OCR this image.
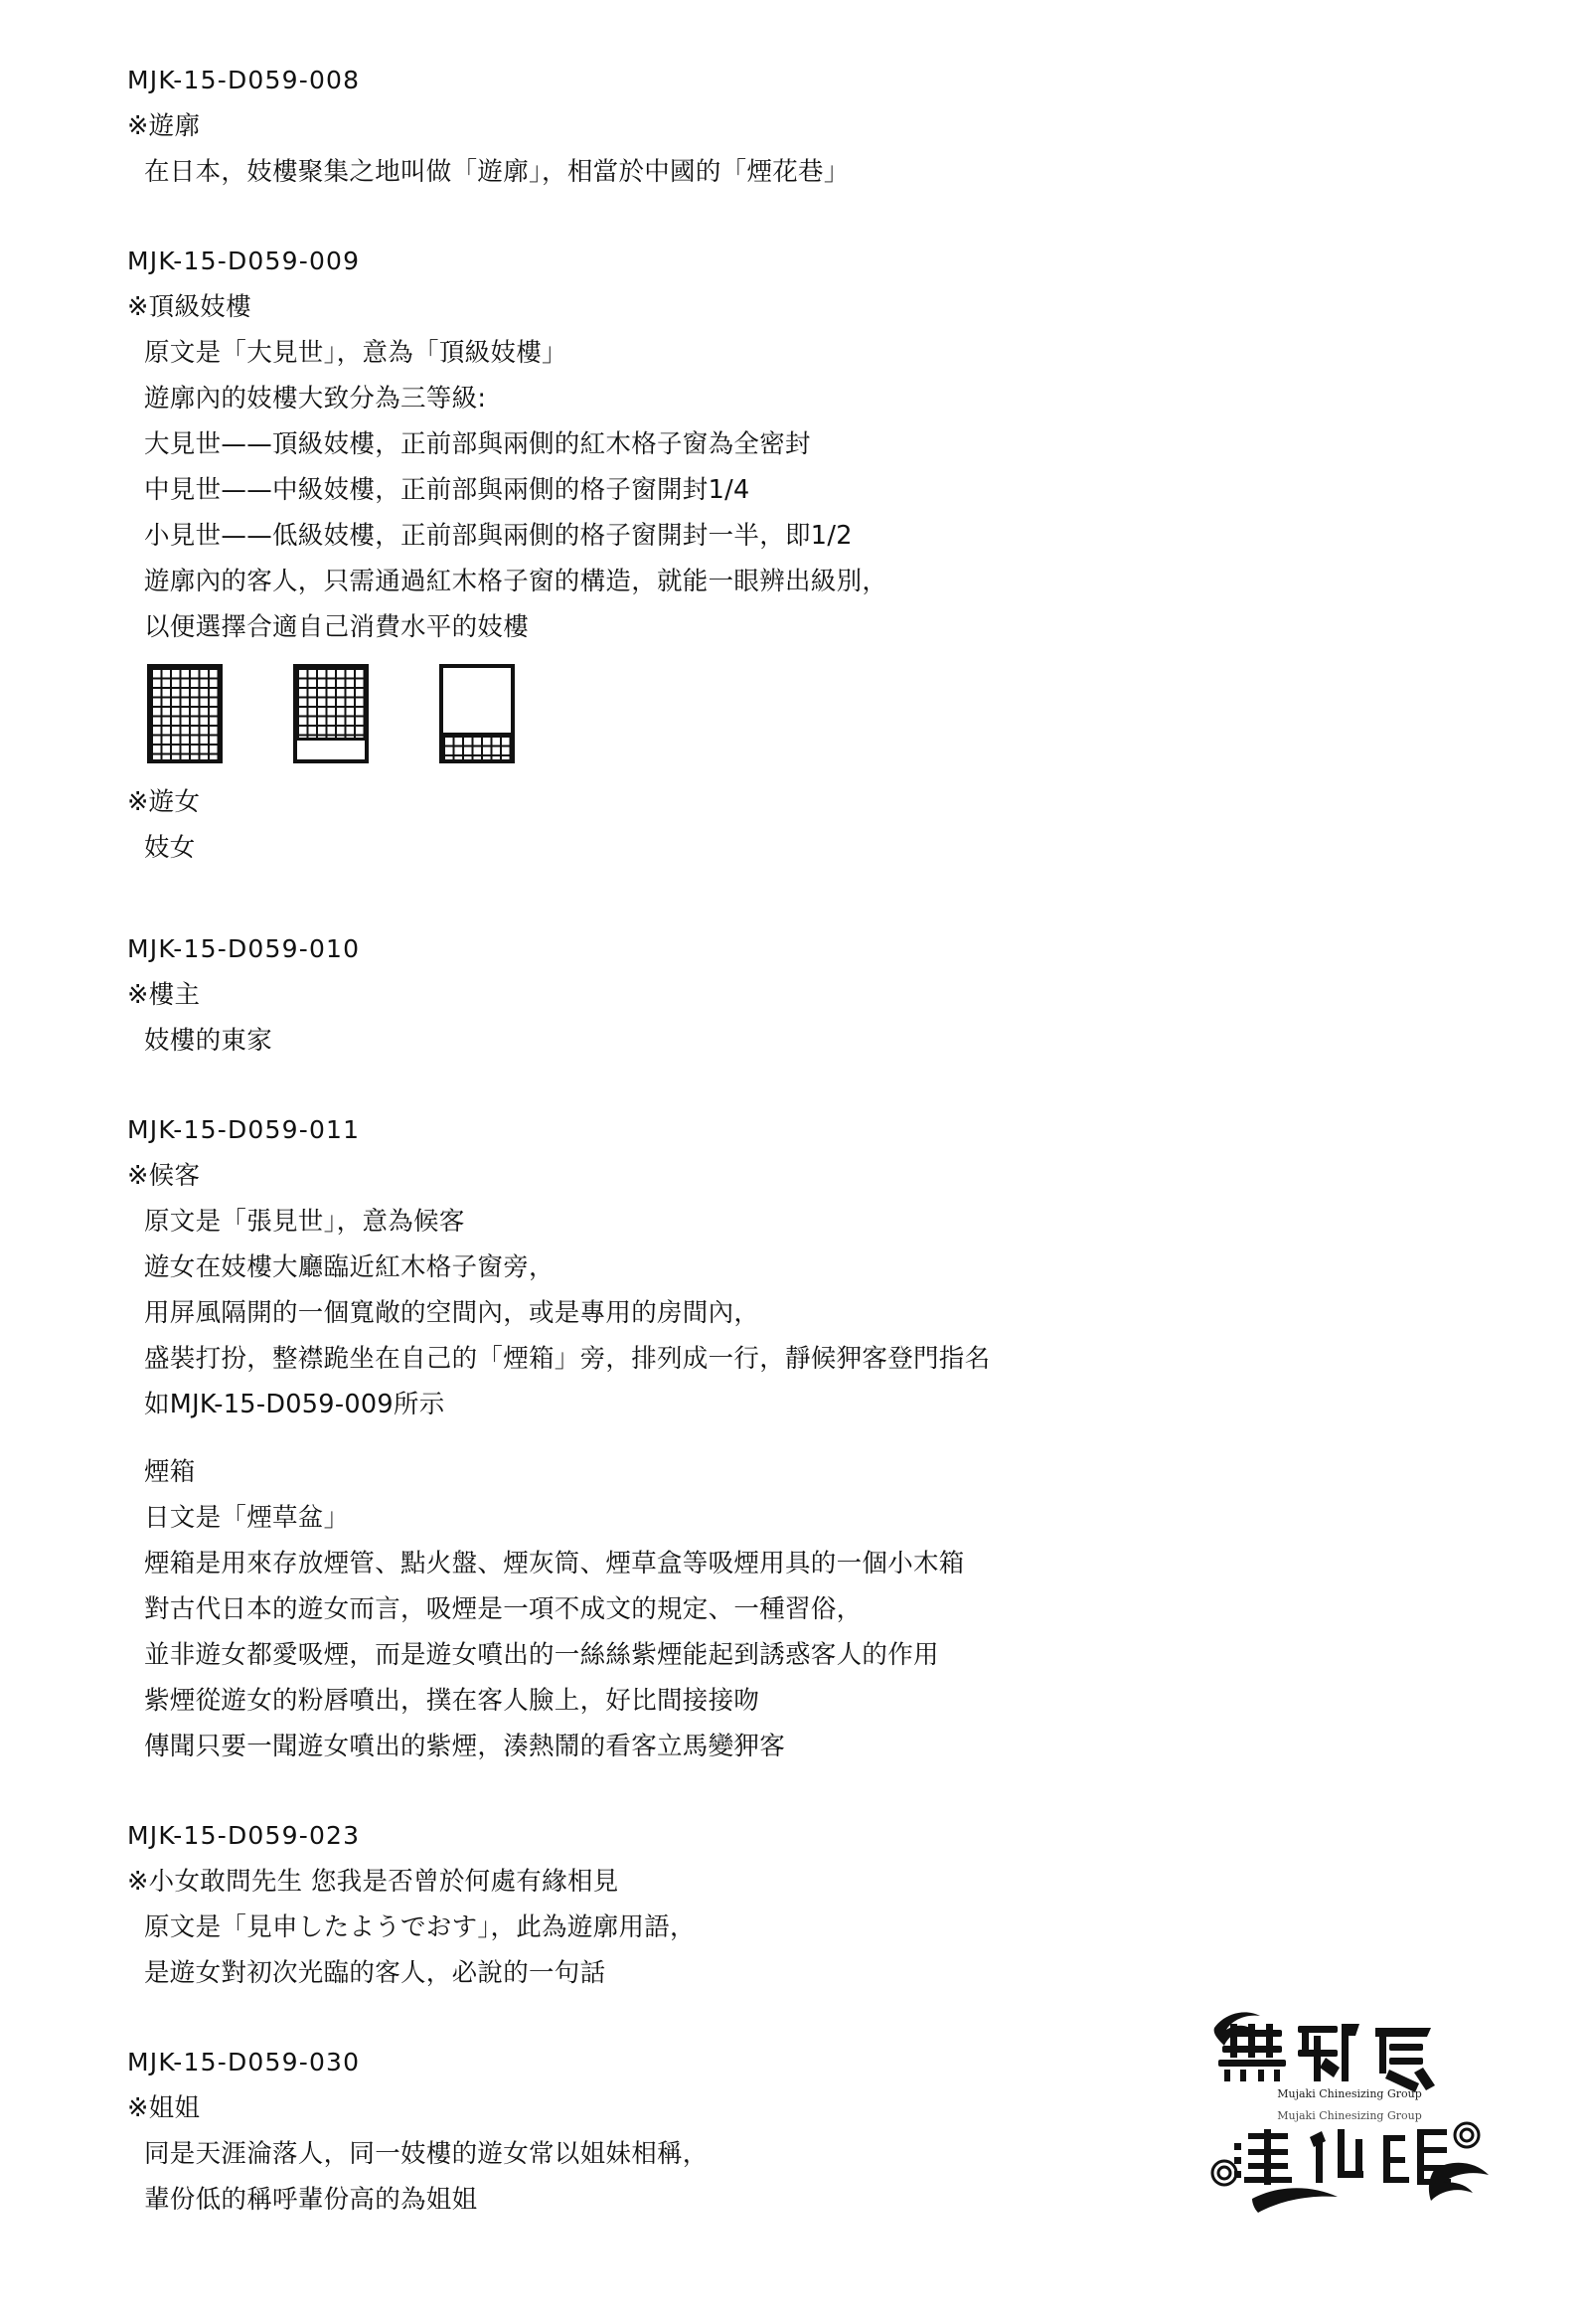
MJK-15-D059-008
※遊廓
在日本，妓樓聚集之地叫做「遊廓」，相當於中國的「煙花巷」
MJK-15-D059-009
※頂級妓樓
原文是「大見世」，意為「頂級妓樓」
遊廓內的妓樓大致分為三等級:
大見世——頂級妓樓，正前部與兩側的紅木格子窗為全密封
中見世——中級妓樓，正前部與兩側的格子窗開封1/4
小見世——低級妓樓，正前部與兩側的格子窗開封一半，即1/2
遊廓內的客人，只需通過紅木格子窗的構造，就能一眼辨出級別，
以便選擇合適自己消費水平的妓樓
※遊女
妓女
MJK-15-D059-010
※樓主
妓樓的東家
MJK-15-D059-011
※候客
原文是「張見世」，意為候客
遊女在妓樓大廳臨近紅木格子窗旁，
用屏風隔開的一個寬敞的空間內，或是專用的房間內，
盛裝打扮，整襟跪坐在自己的「煙箱」旁，排列成一行，靜候狎客登門指名
如MJK-15-D059-009所示
煙箱
日文是「煙草盆」
煙箱是用來存放煙管、點火盤、煙灰筒、煙草盒等吸煙用具的一個小木箱
對古代日本的遊女而言，吸煙是一項不成文的規定、一種習俗，
並非遊女都愛吸煙，而是遊女噴出的一絲絲紫煙能起到誘惑客人的作用
紫煙從遊女的粉唇噴出，撲在客人臉上，好比間接接吻
傳聞只要一聞遊女噴出的紫煙，湊熱鬧的看客立馬變狎客
MJK-15-D059-023
※小女敢問先生 您我是否曾於何處有緣相見
原文是「見申したようでおす」，此為遊廓用語，
是遊女對初次光臨的客人，必說的一句話
MJK-15-D059-030
※姐姐
同是天涯淪落人，同一妓樓的遊女常以姐妹相稱，
輩份低的稱呼輩份高的為姐姐
Mujaki Chinesizing Group
Mujaki Chinesizing Group
